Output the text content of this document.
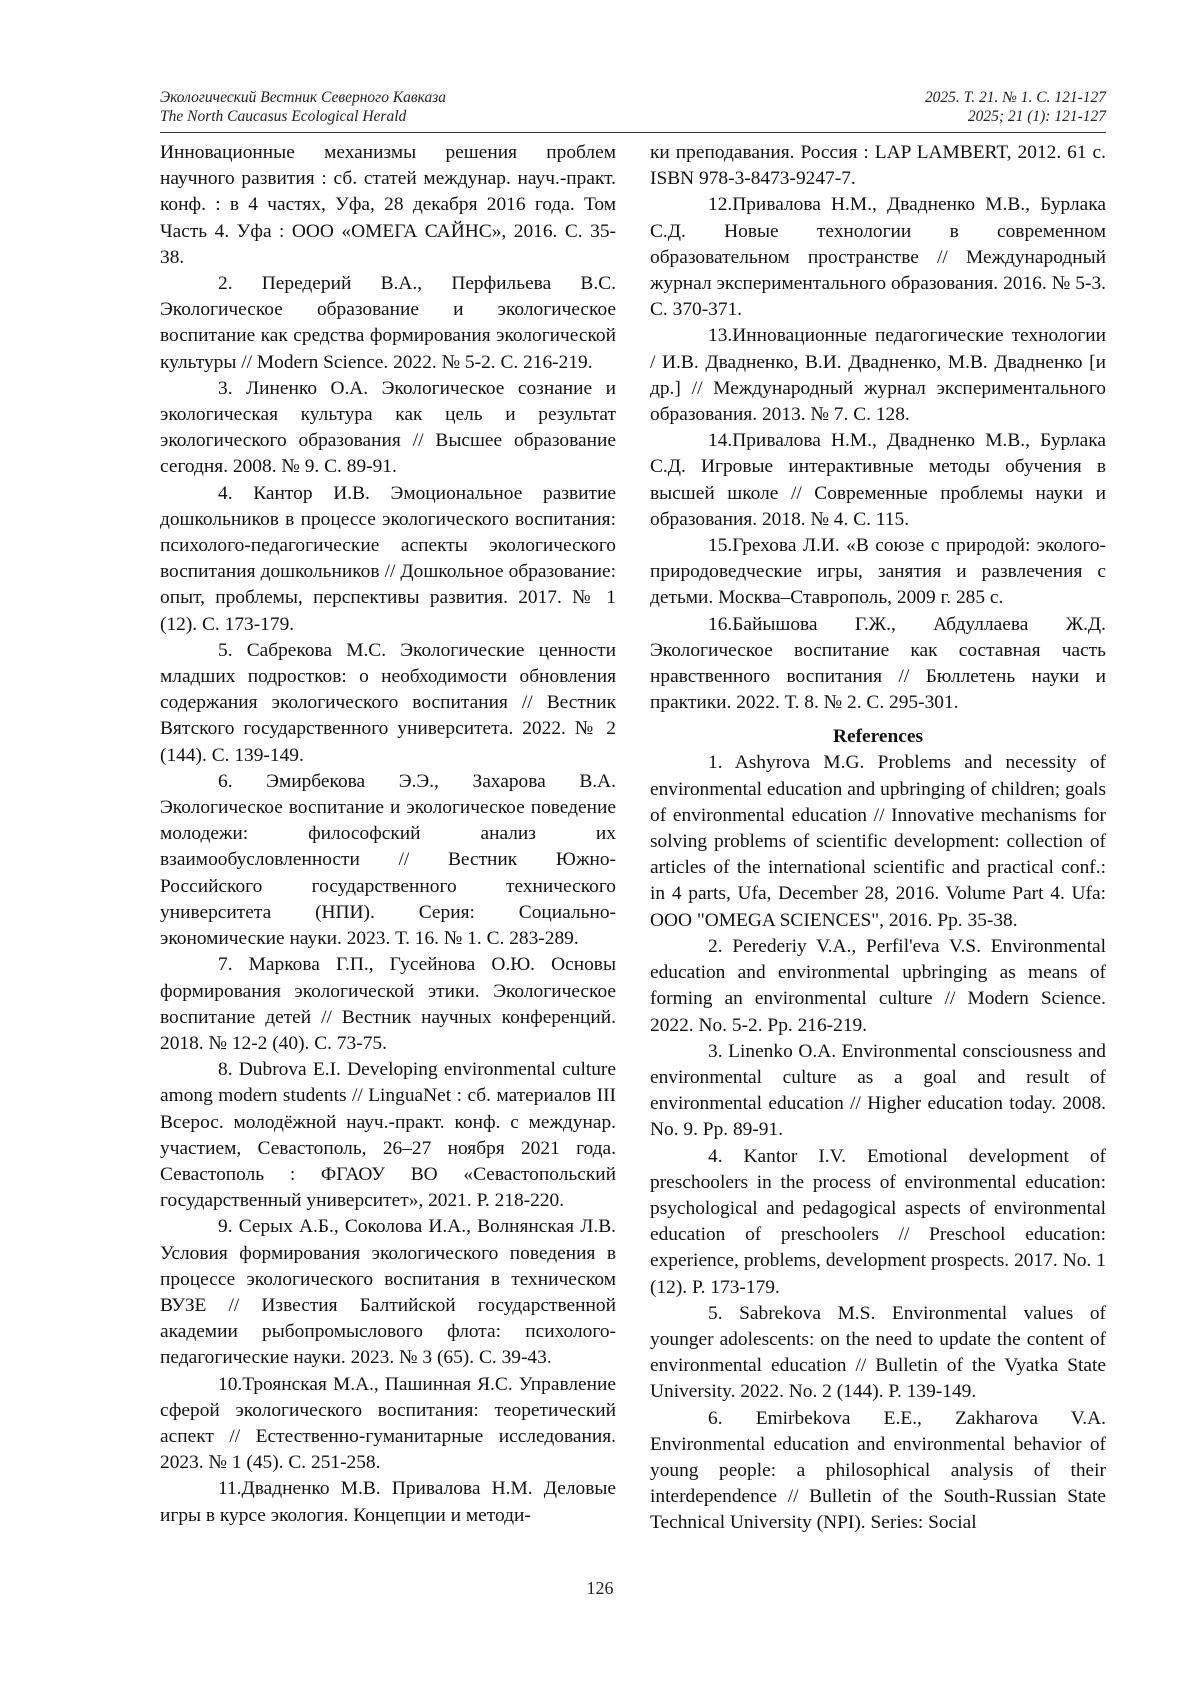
Экологический Вестник Северного Кавказа	2025. Т. 21. № 1. С. 121-127
The North Caucasus Ecological Herald	2025; 21 (1): 121-127

Инновационные механизмы решения проблем научного развития : сб. статей междунар. науч.-практ. конф. : в 4 частях, Уфа, 28 декабря 2016 года. Том Часть 4. Уфа : ООО «ОМЕГА САЙНС», 2016. С. 35-38.

2. Передерий В.А., Перфильева В.С. Экологическое образование и экологическое воспитание как средства формирования экологической культуры // Modern Science. 2022. № 5-2. С. 216-219.

3. Линенко О.А. Экологическое сознание и экологическая культура как цель и результат экологического образования // Высшее образование сегодня. 2008. № 9. С. 89-91.

4. Кантор И.В. Эмоциональное развитие дошкольников в процессе экологического воспитания: психолого-педагогические аспекты экологического воспитания дошкольников // Дошкольное образование: опыт, проблемы, перспективы развития. 2017. № 1 (12). С. 173-179.

5. Сабрекова М.С. Экологические ценности младших подростков: о необходимости обновления содержания экологического воспитания // Вестник Вятского государственного университета. 2022. № 2 (144). С. 139-149.

6. Эмирбекова Э.Э., Захарова В.А. Экологическое воспитание и экологическое поведение молодежи: философский анализ их взаимообусловленности // Вестник Южно-Российского государственного технического университета (НПИ). Серия: Социально-экономические науки. 2023. Т. 16. № 1. С. 283-289.

7. Маркова Г.П., Гусейнова О.Ю. Основы формирования экологической этики. Экологическое воспитание детей // Вестник научных конференций. 2018. № 12-2 (40). С. 73-75.

8. Dubrova E.I. Developing environmental culture among modern students // LinguaNet : сб. материалов III Всерос. молодёжной науч.-практ. конф. с междунар. участием, Севастополь, 26–27 ноября 2021 года. Севастополь : ФГАОУ ВО «Севастопольский государственный университет», 2021. Р. 218-220.

9. Серых А.Б., Соколова И.А., Волнянская Л.В. Условия формирования экологического поведения в процессе экологического воспитания в техническом ВУЗЕ // Известия Балтийской государственной академии рыбопромыслового флота: психолого-педагогические науки. 2023. № 3 (65). С. 39-43.

10.Троянская М.А., Пашинная Я.С. Управление сферой экологического воспитания: теоретический аспект // Естественно-гуманитарные исследования. 2023. № 1 (45). С. 251-258.

11.Двадненко М.В. Привалова Н.М. Деловые игры в курсе экология. Концепции и методи-

ки преподавания. Россия : LAP LAMBERT, 2012. 61 с. ISBN 978-3-8473-9247-7.

12.Привалова Н.М., Двадненко М.В., Бурлака С.Д. Новые технологии в современном образовательном пространстве // Международный журнал экспериментального образования. 2016. № 5-3. С. 370-371.

13.Инновационные педагогические технологии / И.В. Двадненко, В.И. Двадненко, М.В. Двадненко [и др.] // Международный журнал экспериментального образования. 2013. № 7. С. 128.

14.Привалова Н.М., Двадненко М.В., Бурлака С.Д. Игровые интерактивные методы обучения в высшей школе // Современные проблемы науки и образования. 2018. № 4. С. 115.

15.Грехова Л.И. «В союзе с природой: эколого-природоведческие игры, занятия и развлечения с детьми. Москва–Ставрополь, 2009 г. 285 с.

16.Байышова Г.Ж., Абдуллаева Ж.Д. Экологическое воспитание как составная часть нравственного воспитания // Бюллетень науки и практики. 2022. Т. 8. № 2. С. 295-301.

References

1. Ashyrova M.G. Problems and necessity of environmental education and upbringing of children; goals of environmental education // Innovative mechanisms for solving problems of scientific development: collection of articles of the international scientific and practical conf.: in 4 parts, Ufa, December 28, 2016. Volume Part 4. Ufa: OOO "OMEGA SCIENCES", 2016. Pp. 35-38.

2. Perederiy V.A., Perfil'eva V.S. Environmental education and environmental upbringing as means of forming an environmental culture // Modern Science. 2022. No. 5-2. Pp. 216-219.

3. Linenko O.A. Environmental consciousness and environmental culture as a goal and result of environmental education // Higher education today. 2008. No. 9. Pp. 89-91.

4. Kantor I.V. Emotional development of preschoolers in the process of environmental education: psychological and pedagogical aspects of environmental education of preschoolers // Preschool education: experience, problems, development prospects. 2017. No. 1 (12). P. 173-179.

5. Sabrekova M.S. Environmental values of younger adolescents: on the need to update the content of environmental education // Bulletin of the Vyatka State University. 2022. No. 2 (144). P. 139-149.

6. Emirbekova E.E., Zakharova V.A. Environmental education and environmental behavior of young people: a philosophical analysis of their interdependence // Bulletin of the South-Russian State Technical University (NPI). Series: Social

126
